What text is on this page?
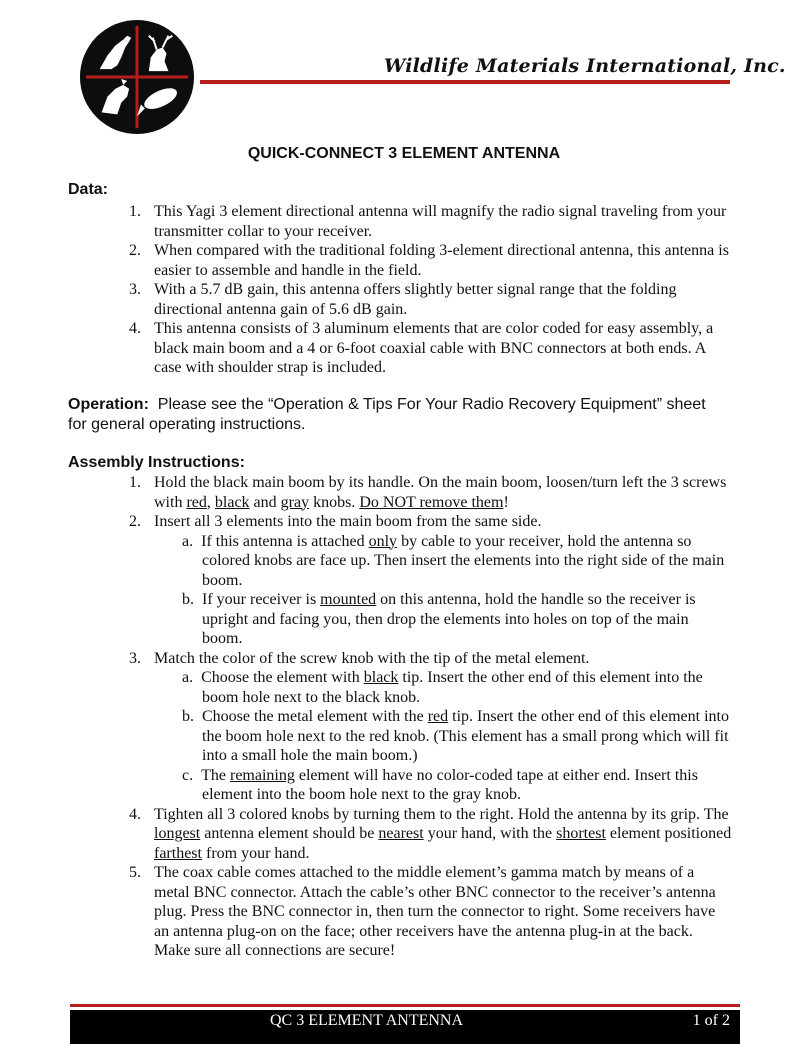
Wildlife Materials International, Inc.
QUICK-CONNECT 3 ELEMENT ANTENNA
Data:
1. This Yagi 3 element directional antenna will magnify the radio signal traveling from your transmitter collar to your receiver.
2. When compared with the traditional folding 3-element directional antenna, this antenna is easier to assemble and handle in the field.
3. With a 5.7 dB gain, this antenna offers slightly better signal range that the folding directional antenna gain of 5.6 dB gain.
4. This antenna consists of 3 aluminum elements that are color coded for easy assembly, a black main boom and a 4 or 6-foot coaxial cable with BNC connectors at both ends. A case with shoulder strap is included.
Operation: Please see the “Operation & Tips For Your Radio Recovery Equipment” sheet for general operating instructions.
Assembly Instructions:
1. Hold the black main boom by its handle. On the main boom, loosen/turn left the 3 screws with red, black and gray knobs. Do NOT remove them!
2. Insert all 3 elements into the main boom from the same side.
a. If this antenna is attached only by cable to your receiver, hold the antenna so colored knobs are face up. Then insert the elements into the right side of the main boom.
b. If your receiver is mounted on this antenna, hold the handle so the receiver is upright and facing you, then drop the elements into holes on top of the main boom.
3. Match the color of the screw knob with the tip of the metal element.
a. Choose the element with black tip. Insert the other end of this element into the boom hole next to the black knob.
b. Choose the metal element with the red tip. Insert the other end of this element into the boom hole next to the red knob. (This element has a small prong which will fit into a small hole the main boom.)
c. The remaining element will have no color-coded tape at either end. Insert this element into the boom hole next to the gray knob.
4. Tighten all 3 colored knobs by turning them to the right. Hold the antenna by its grip. The longest antenna element should be nearest your hand, with the shortest element positioned farthest from your hand.
5. The coax cable comes attached to the middle element’s gamma match by means of a metal BNC connector. Attach the cable’s other BNC connector to the receiver’s antenna plug. Press the BNC connector in, then turn the connector to right. Some receivers have an antenna plug-on on the face; other receivers have the antenna plug-in at the back. Make sure all connections are secure!
QC 3 ELEMENT ANTENNA	1 of 2
